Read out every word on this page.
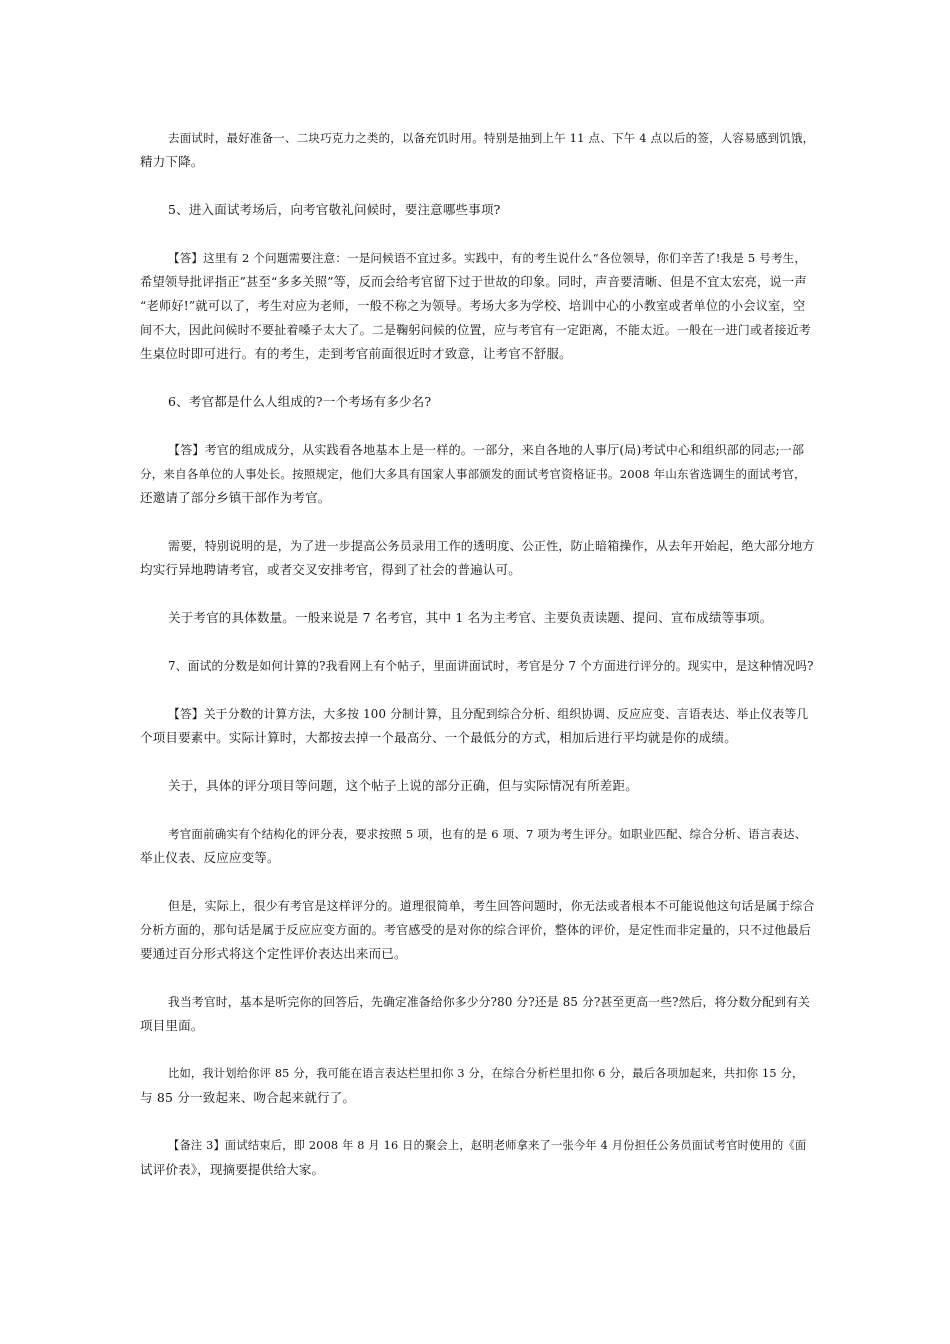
去面试时，最好准备一、二块巧克力之类的，以备充饥时用。特别是抽到上午 11 点、下午 4 点以后的签，人容易感到饥饿，
精力下降。
5、进入面试考场后，向考官敬礼问候时，要注意哪些事项?
【答】这里有 2 个问题需要注意：一是问候语不宜过多。实践中，有的考生说什么“各位领导，你们辛苦了!我是 5 号考生，
希望领导批评指正”甚至“多多关照”等，反而会给考官留下过于世故的印象。同时，声音要清晰、但是不宜太宏亮，说一声
“老师好!”就可以了，考生对应为老师，一般不称之为领导。考场大多为学校、培训中心的小教室或者单位的小会议室，空
间不大，因此问候时不要扯着嗓子太大了。二是鞠躬问候的位置，应与考官有一定距离，不能太近。一般在一进门或者接近考
生桌位时即可进行。有的考生，走到考官前面很近时才致意，让考官不舒服。
6、考官都是什么人组成的?一个考场有多少名?
【答】考官的组成成分，从实践看各地基本上是一样的。一部分，来自各地的人事厅(局)考试中心和组织部的同志;一部
分，来自各单位的人事处长。按照规定，他们大多具有国家人事部颁发的面试考官资格证书。2008 年山东省选调生的面试考官，
还邀请了部分乡镇干部作为考官。
需要，特别说明的是，为了进一步提高公务员录用工作的透明度、公正性，防止暗箱操作，从去年开始起，绝大部分地方
均实行异地聘请考官，或者交叉安排考官，得到了社会的普遍认可。
关于考官的具体数量。一般来说是 7 名考官，其中 1 名为主考官、主要负责读题、提问、宣布成绩等事项。
7、面试的分数是如何计算的?我看网上有个帖子，里面讲面试时，考官是分 7 个方面进行评分的。现实中，是这种情况吗?
【答】关于分数的计算方法，大多按 100 分制计算，且分配到综合分析、组织协调、反应应变、言语表达、举止仪表等几
个项目要素中。实际计算时，大都按去掉一个最高分、一个最低分的方式，相加后进行平均就是你的成绩。
关于，具体的评分项目等问题，这个帖子上说的部分正确，但与实际情况有所差距。
考官面前确实有个结构化的评分表，要求按照 5 项，也有的是 6 项、7 项为考生评分。如职业匹配、综合分析、语言表达、
举止仪表、反应应变等。
但是，实际上，很少有考官是这样评分的。道理很简单，考生回答问题时，你无法或者根本不可能说他这句话是属于综合
分析方面的，那句话是属于反应应变方面的。考官感受的是对你的综合评价，整体的评价，是定性而非定量的，只不过他最后
要通过百分形式将这个定性评价表达出来而已。
我当考官时，基本是听完你的回答后，先确定准备给你多少分?80 分?还是 85 分?甚至更高一些?然后，将分数分配到有关
项目里面。
比如，我计划给你评 85 分，我可能在语言表达栏里扣你 3 分，在综合分析栏里扣你 6 分，最后各项加起来，共扣你 15 分，
与 85 分一致起来、吻合起来就行了。
【备注 3】面试结束后，即 2008 年 8 月 16 日的聚会上，赵明老师拿来了一张今年 4 月份担任公务员面试考官时使用的《面
试评价表》，现摘要提供给大家。
